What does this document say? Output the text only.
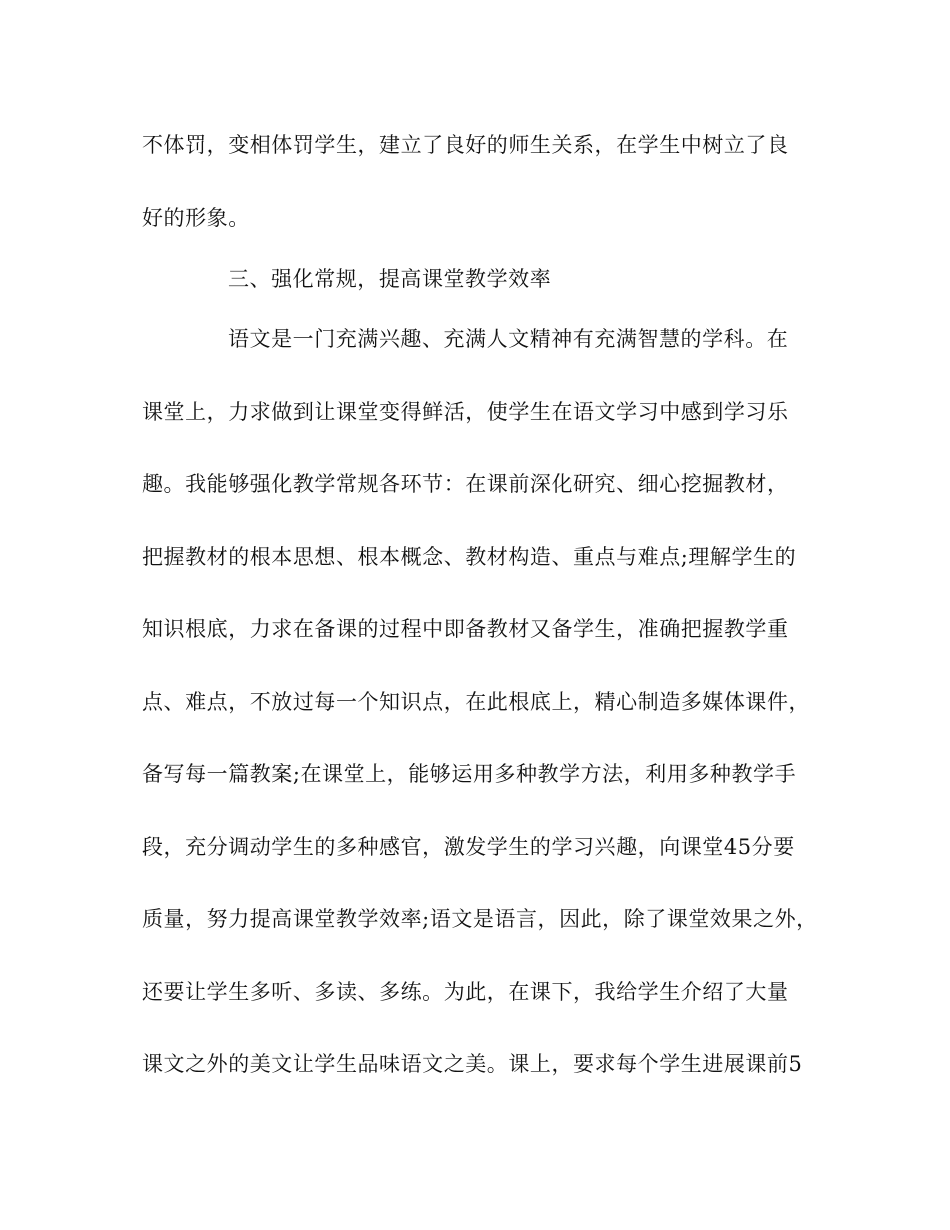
不体罚，变相体罚学生，建立了良好的师生关系，在学生中树立了良
好的形象。
三、强化常规，提高课堂教学效率
语文是一门充满兴趣、充满人文精神有充满智慧的学科。在
课堂上，力求做到让课堂变得鲜活，使学生在语文学习中感到学习乐
趣。我能够强化教学常规各环节：在课前深化研究、细心挖掘教材，
把握教材的根本思想、根本概念、教材构造、重点与难点;理解学生的
知识根底，力求在备课的过程中即备教材又备学生，准确把握教学重
点、难点，不放过每一个知识点，在此根底上，精心制造多媒体课件，
备写每一篇教案;在课堂上，能够运用多种教学方法，利用多种教学手
段，充分调动学生的多种感官，激发学生的学习兴趣，向课堂45分要
质量，努力提高课堂教学效率;语文是语言，因此，除了课堂效果之外，
还要让学生多听、多读、多练。为此，在课下，我给学生介绍了大量
课文之外的美文让学生品味语文之美。课上，要求每个学生进展课前5
